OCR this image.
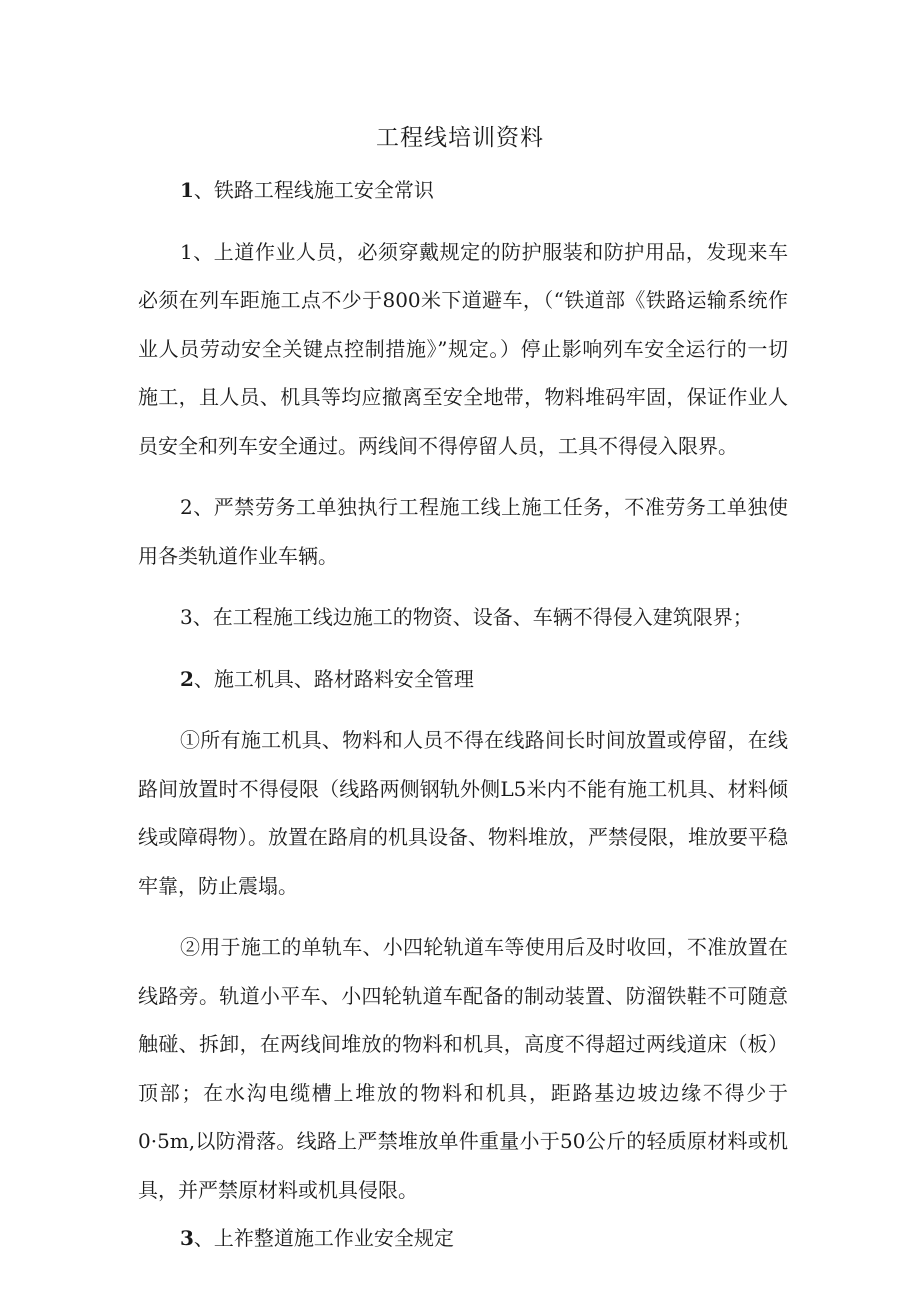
工程线培训资料

1、铁路工程线施工安全常识

1、上道作业人员，必须穿戴规定的防护服装和防护用品，发现来车必须在列车距施工点不少于800米下道避车，（“铁道部《铁路运输系统作业人员劳动安全关键点控制措施》”规定。）停止影响列车安全运行的一切施工，且人员、机具等均应撤离至安全地带，物料堆码牢固，保证作业人员安全和列车安全通过。两线间不得停留人员，工具不得侵入限界。

2、严禁劳务工单独执行工程施工线上施工任务，不准劳务工单独使用各类轨道作业车辆。

3、在工程施工线边施工的物资、设备、车辆不得侵入建筑限界；

2、施工机具、路材路料安全管理

①所有施工机具、物料和人员不得在线路间长时间放置或停留，在线路间放置时不得侵限（线路两侧钢轨外侧L5米内不能有施工机具、材料倾线或障碍物）。放置在路肩的机具设备、物料堆放，严禁侵限，堆放要平稳牢靠，防止震塌。

②用于施工的单轨车、小四轮轨道车等使用后及时收回，不准放置在线路旁。轨道小平车、小四轮轨道车配备的制动装置、防溜铁鞋不可随意触碰、拆卸，在两线间堆放的物料和机具，高度不得超过两线道床（板）顶部；在水沟电缆槽上堆放的物料和机具，距路基边坡边缘不得少于0·5m,以防滑落。线路上严禁堆放单件重量小于50公斤的轻质原材料或机具，并严禁原材料或机具侵限。

3、上祚整道施工作业安全规定
